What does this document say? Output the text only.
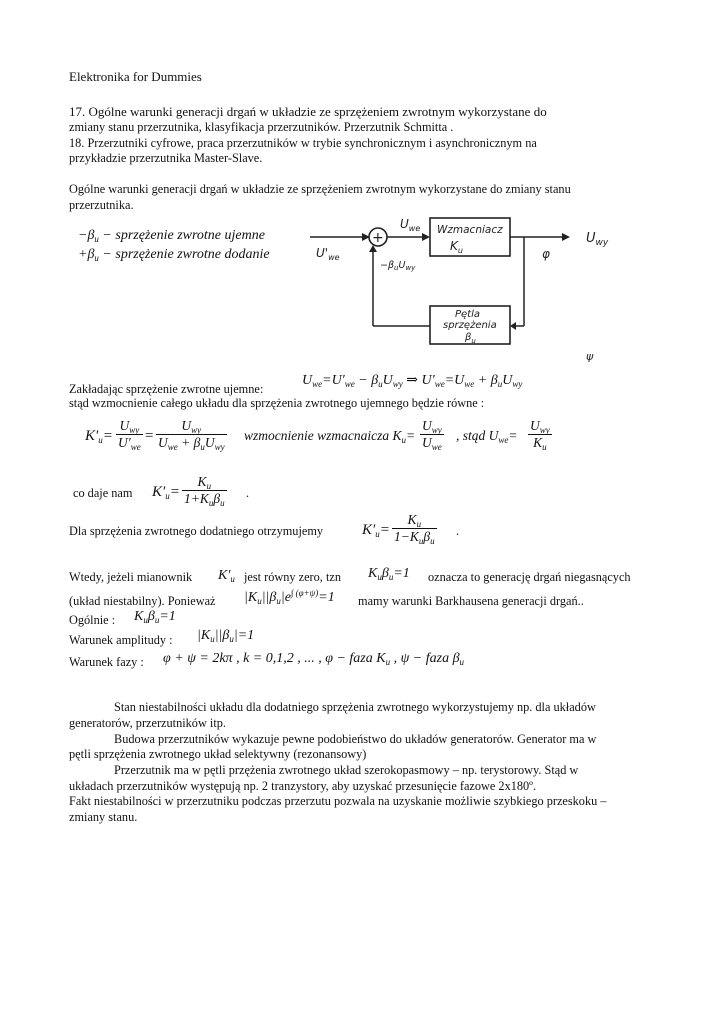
Elektronika for Dummies
17. Ogólne warunki generacji drgań w układzie ze sprzężeniem zwrotnym wykorzystane do
zmiany stanu przerzutnika, klasyfikacja przerzutników. Przerzutnik Schmitta .
18. Przerzutniki cyfrowe, praca przerzutników w trybie synchronicznym i asynchronicznym na
przykładzie przerzutnika Master-Slave.
Ogólne warunki generacji drgań w układzie ze sprzężeniem zwrotnym wykorzystane do zmiany stanu
przerzutnika.
$-\beta_u$ − sprzężenie zwrotne ujemne
$+\beta_u$ − sprzężenie zwrotne dodanie
+	Wzmacniacz
$K_u$
Pętla
sprzężenia
$\beta_u$
$U_{we}$
$U'_{we}$
$U_{wy}$
$-\beta_uU_{wy}$
φ
ψ
Zakładając sprzężenie zwrotne ujemne:
$U_{we}=U'_{we} - \beta_uU_{wy}$ ⇒ $U'_{we}=U_{we} + \beta_uU_{wy}$
stąd wzmocnienie całego układu dla sprzężenia zwrotnego ujemnego będzie równe :
$K'_u=$
$U_{wy}$
$U'_{we}$
=
$U_{wy}$
$U_{we} + \beta_uU_{wy}$
wzmocnienie wzmacnaicza $K_u=$
$U_{wy}$
$U_{we}$
, stąd $U_{we}=$
$U_{wy}$
$K_u$
co daje nam $K'_u=$
$K_u$
$1+K_u\beta_u$
.
Dla sprzężenia zwrotnego dodatniego otrzymujemy	$K'_u=$
$K_u$
$1-K_u\beta_u$
.
Wtedy, jeżeli mianownik $K'_u$ jest równy zero, tzn $K_u\beta_u=1$ oznacza to generację drgań niegasnących
(układ niestabilny). Ponieważ $|K_u||\beta_u|e^{\int (\varphi+\psi)}=1$ mamy warunki Barkhausena generacji drgań..
Ogólnie : $K_u\beta_u=1$
Warunek amplitudy : $|K_u||\beta_u|=1$
Warunek fazy : φ + ψ = 2kπ , k = 0,1,2 , ... , φ − faza $K_u$ , ψ − faza $\beta_u$
Stan niestabilności układu dla dodatniego sprzężenia zwrotnego wykorzystujemy np. dla układów
generatorów, przerzutników itp.
Budowa przerzutników wykazuje pewne podobieństwo do układów generatorów. Generator ma w
pętli sprzężenia zwrotnego układ selektywny (rezonansowy)
Przerzutnik ma w pętli przężenia zwrotnego układ szerokopasmowy – np. terystorowy. Stąd w
układach przerzutników występują np. 2 tranzystory, aby uzyskać przesunięcie fazowe 2x180º.
Fakt niestabilności w przerzutniku podczas przerzutu pozwala na uzyskanie możliwie szybkiego przeskoku –
zmiany stanu.
